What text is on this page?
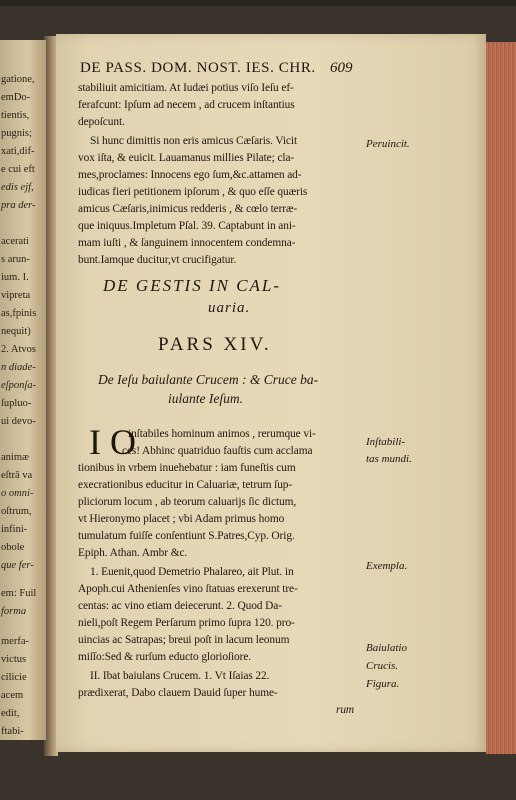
gatione,
emDo-
tientis,
pugnis;
xati,dif-
e cui eft
edis ejf,
pra der-
acerati
s arun-
ium. I.
vipreta
as,fpinis
nequit)
2. Atvos
n diade-
eſponſa-
ſupluo-
ui devo-
animæ
eſtrā va
o omni-
oſtrum,
infini-
obole
que fer-
em: Fuil
forma
merfa-
victus
cilicie
acem
edit,
ftabi-
DE PASS. DOM. NOST. IES. CHR. 609
stabiliuit amicitiam. At Iudæi potius viſo Ieſu ef-
ferafcunt: Ipſum ad necem , ad crucem inſtantius
depoſcunt.
Si hunc dimittis non eris amicus Cæſaris. Vicit
vox iſta, & euicit. Lauamanus millies Pilate; cla-
mes,proclames: Innocens ego ſum,&c.attamen ad-
iudicas fieri petitionem ipſorum , & quo eſſe quæris
amicus Cæſaris,inimicus redderis , & cœlo terræ-
que iniquus.Impletum Pſal. 39. Captabunt in ani-
mam iuſti , & ſanguinem innocentem condemna-
bunt.Iamque ducitur,vt crucifigatur.
DE GESTIS IN CAL-
uaria.
PARS XIV.
De Ieſu baiulante Crucem : & Cruce ba-
iulante Ieſum.
I O
inſtabiles hominum animos , rerumque vi-
ces! Abhinc quatriduo fauſtis cum acclama
tionibus in vrbem inuehebatur : iam funeſtis cum
execrationibus educitur in Caluariæ, tetrum ſup-
pliciorum locum , ab teorum caluarijs ſic dictum,
vt Hieronymo placet ; vbi Adam primus homo
tumulatum fuiſſe conſentiunt S.Patres,Cyp. Orig.
Epiph. Athan. Ambr &c.
1. Euenit,quod Demetrio Phalareo, ait Plut. in
Apoph.cui Athenienſes vino ſtatuas erexerunt tre-
centas: ac vino etiam deiecerunt. 2. Quod Da-
nieli,poſt Regem Perſarum primo ſupra 120. pro-
uincias ac Satrapas; breui poſt in lacum leonum
miſſo:Sed & rurſum educto glorioſiore.
II. Ibat baiulans Crucem. 1. Vt Iſaias 22.
prædixerat, Dabo clauem Dauid ſuper hume-
rum
Peruincit.
Inſtabili-
tas mundi.
Exempla.
Baiulatio
Crucis.
Figura.
